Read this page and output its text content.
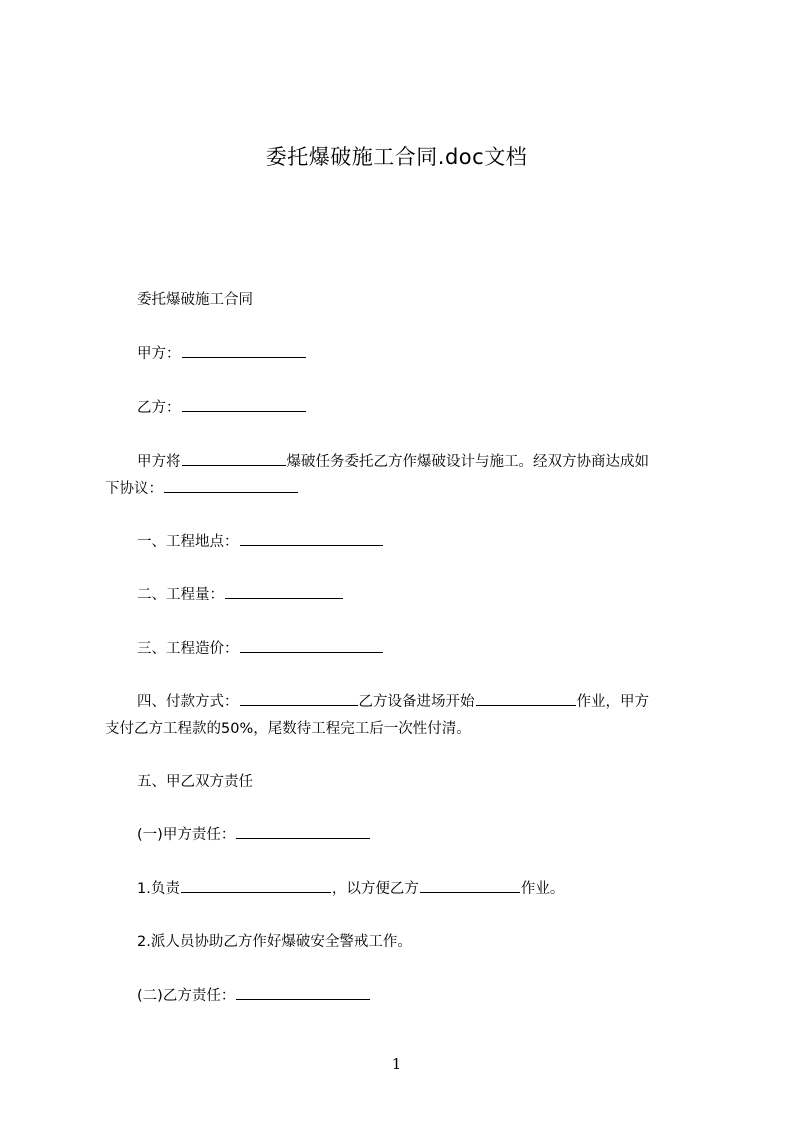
委托爆破施工合同.doc文档
委托爆破施工合同
甲方：
乙方：
甲方将	爆破任务委托乙方作爆破设计与施工。经双方协商达成如
下协议：
一、工程地点：
二、工程量：
三、工程造价：
四、付款方式：	乙方设备进场开始	作业，甲方
支付乙方工程款的50%，尾数待工程完工后一次性付清。
五、甲乙双方责任
(一)甲方责任：
1.负责	，以方便乙方	作业。
2.派人员协助乙方作好爆破安全警戒工作。
(二)乙方责任：
1
